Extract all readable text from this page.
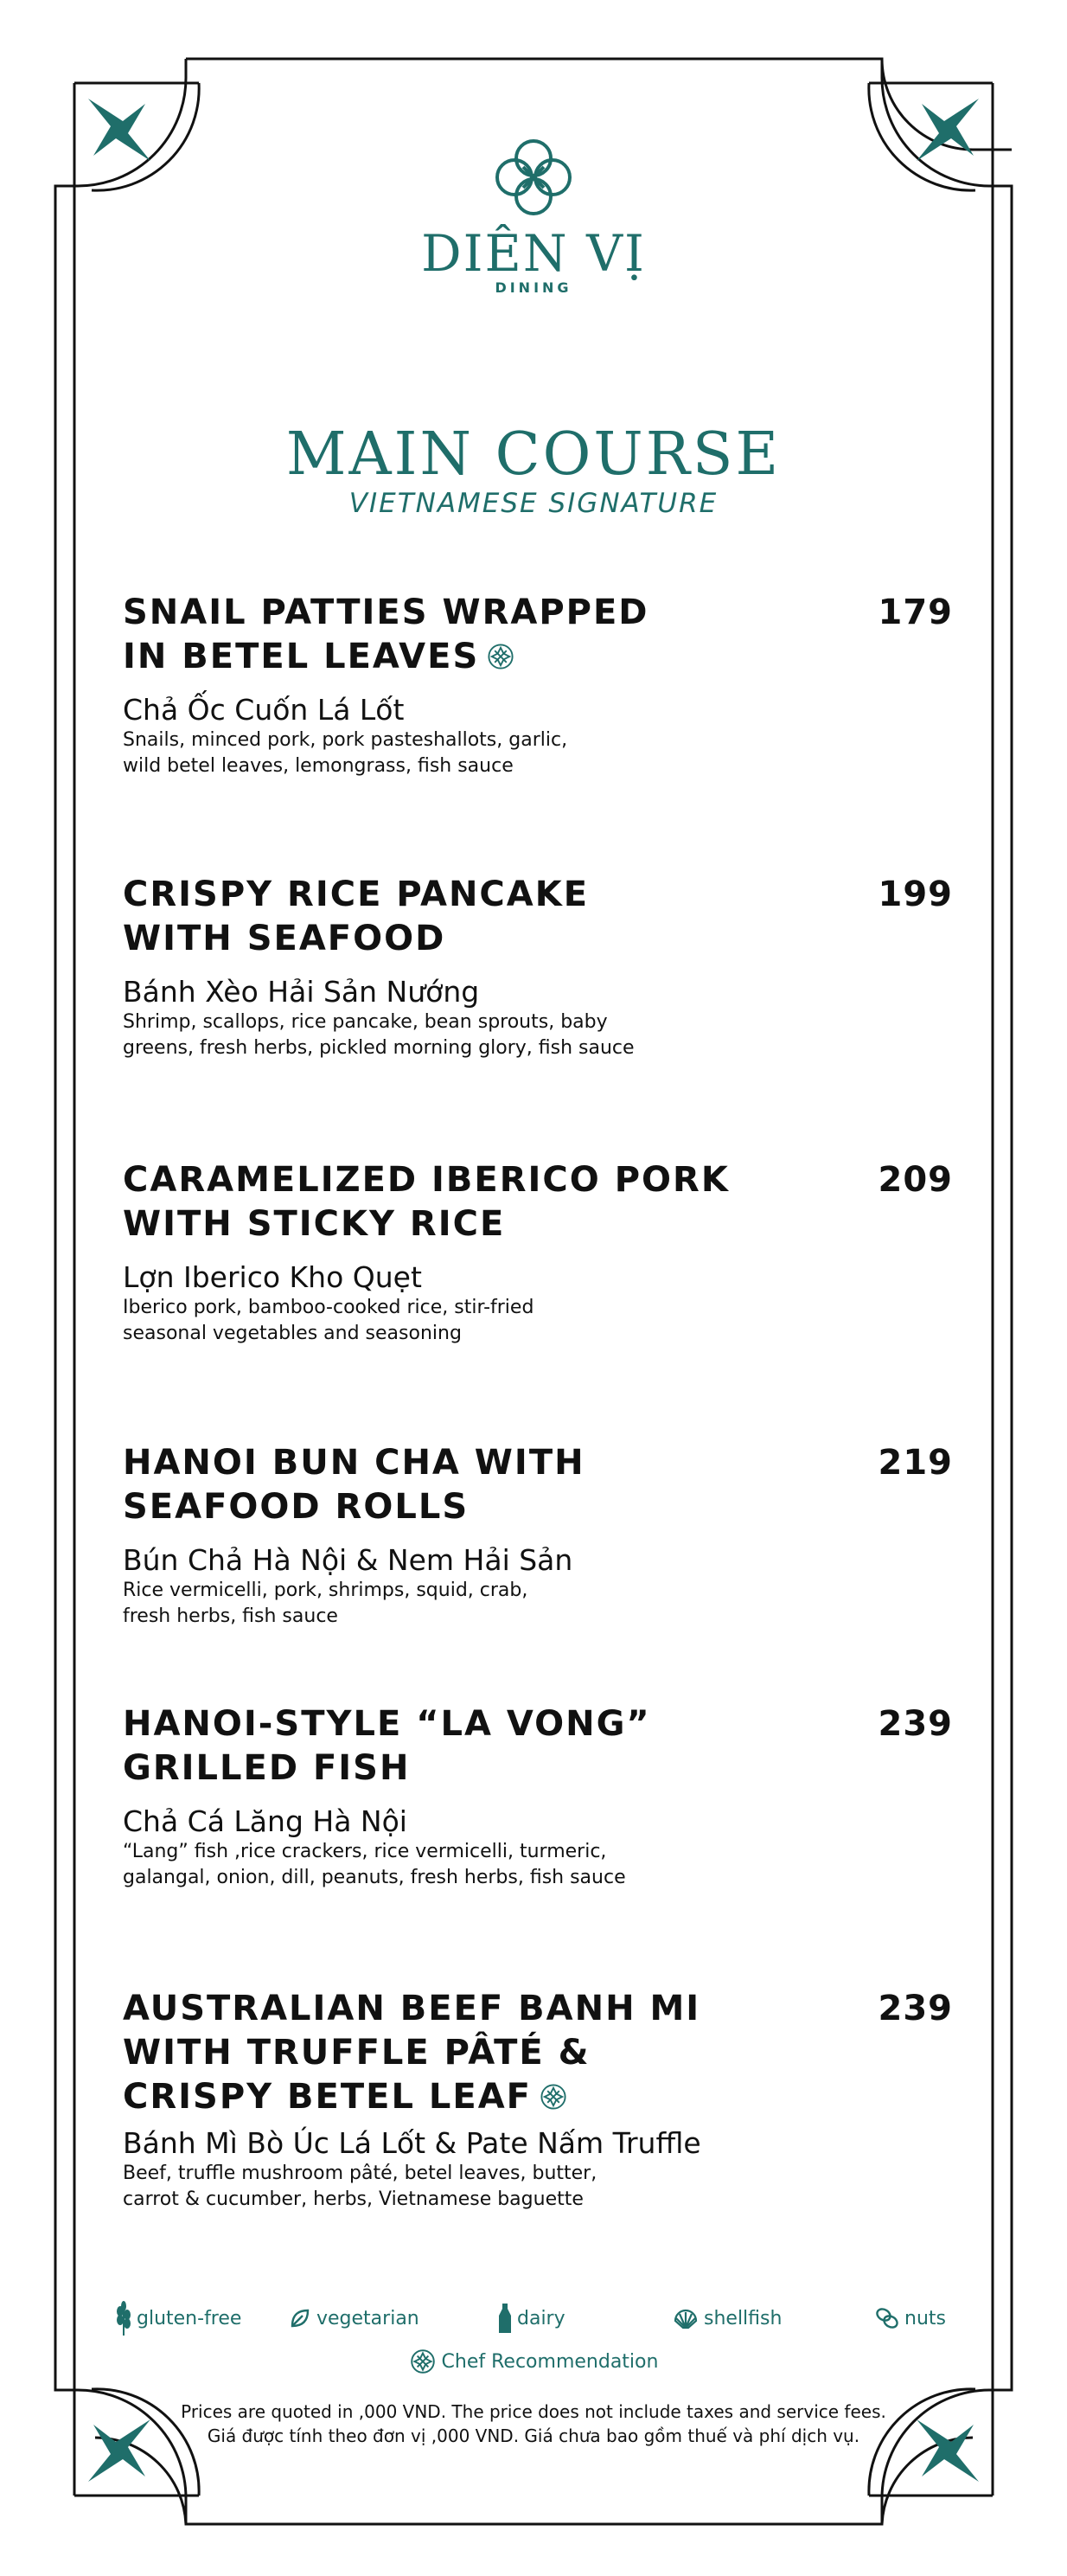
DIÊN VỊ
DINING
MAIN COURSE
VIETNAMESE SIGNATURE
SNAIL PATTIES WRAPPED
IN BETEL LEAVES
179
Chả Ốc Cuốn Lá Lốt
Snails, minced pork, pork pasteshallots, garlic,
wild betel leaves, lemongrass, fish sauce
CRISPY RICE PANCAKE
WITH SEAFOOD
199
Bánh Xèo Hải Sản Nướng
Shrimp, scallops, rice pancake, bean sprouts, baby
greens, fresh herbs, pickled morning glory, fish sauce
CARAMELIZED IBERICO PORK
WITH STICKY RICE
209
Lợn Iberico Kho Quẹt
Iberico pork, bamboo-cooked rice, stir-fried
seasonal vegetables and seasoning
HANOI BUN CHA WITH
SEAFOOD ROLLS
219
Bún Chả Hà Nội & Nem Hải Sản
Rice vermicelli, pork, shrimps, squid, crab,
fresh herbs, fish sauce
HANOI-STYLE “LA VONG”
GRILLED FISH
239
Chả Cá Lăng Hà Nội
“Lang” fish ,rice crackers, rice vermicelli, turmeric,
galangal, onion, dill, peanuts, fresh herbs, fish sauce
AUSTRALIAN BEEF BANH MI
WITH TRUFFLE PÂTÉ &
CRISPY BETEL LEAF
239
Bánh Mì Bò Úc Lá Lốt & Pate Nấm Truffle
Beef, truffle mushroom pâté, betel leaves, butter,
carrot & cucumber, herbs, Vietnamese baguette
gluten-free	vegetarian	dairy	shellfish	nuts
Chef Recommendation
Prices are quoted in ,000 VND. The price does not include taxes and service fees.
Giá được tính theo đơn vị ,000 VND. Giá chưa bao gồm thuế và phí dịch vụ.
